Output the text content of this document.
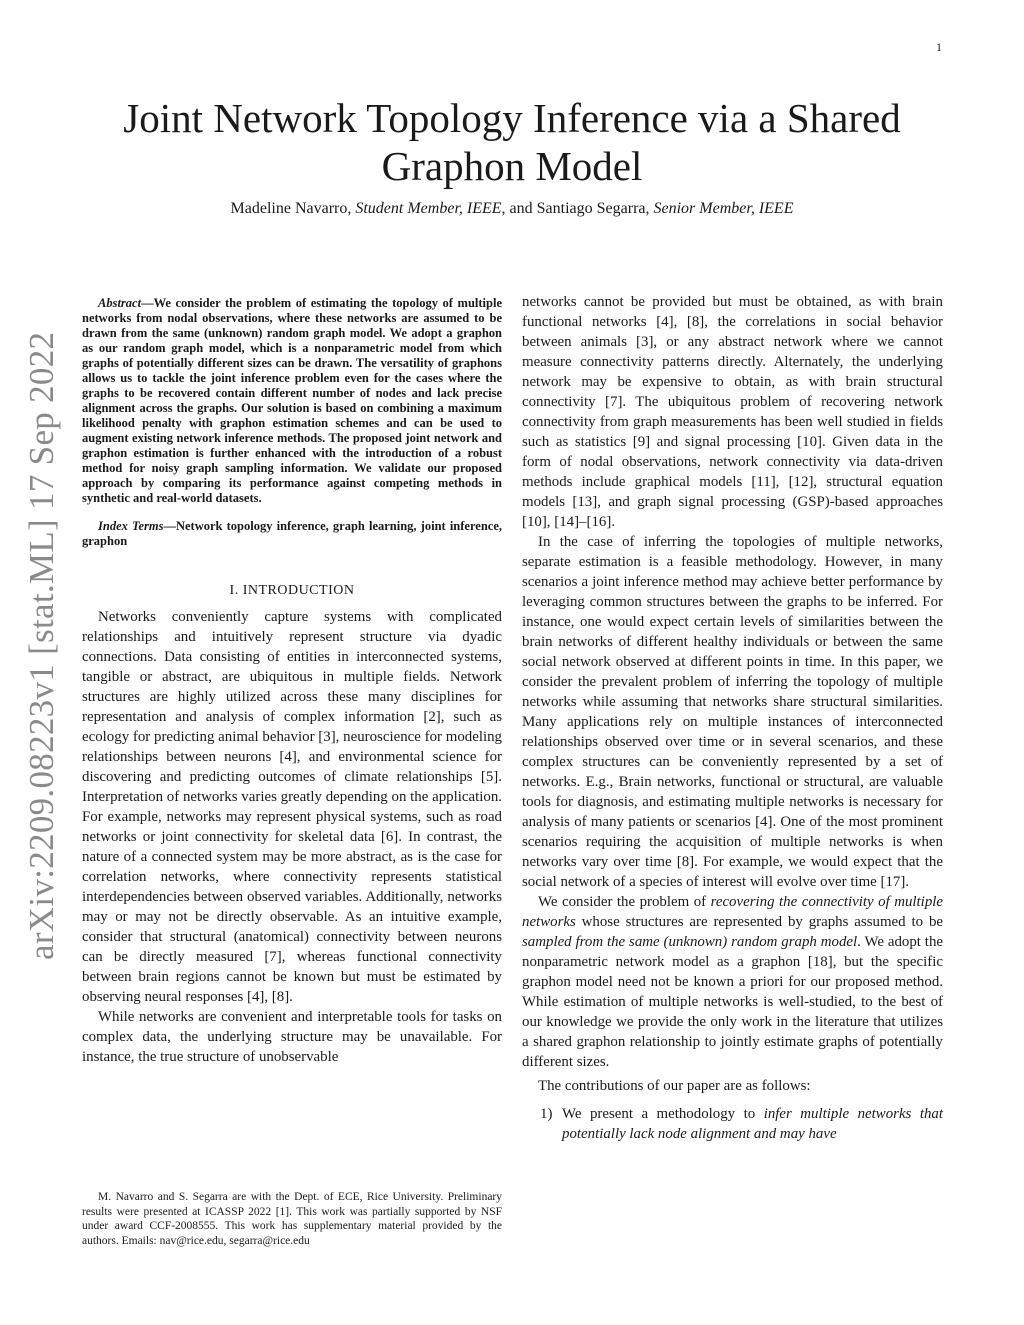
1
Joint Network Topology Inference via a Shared Graphon Model
Madeline Navarro, Student Member, IEEE, and Santiago Segarra, Senior Member, IEEE
arXiv:2209.08223v1 [stat.ML] 17 Sep 2022

Abstract—We consider the problem of estimating the topology of multiple networks from nodal observations, where these networks are assumed to be drawn from the same (unknown) random graph model. We adopt a graphon as our random graph model, which is a nonparametric model from which graphs of potentially different sizes can be drawn. The versatility of graphons allows us to tackle the joint inference problem even for the cases where the graphs to be recovered contain different number of nodes and lack precise alignment across the graphs. Our solution is based on combining a maximum likelihood penalty with graphon estimation schemes and can be used to augment existing network inference methods. The proposed joint network and graphon estimation is further enhanced with the introduction of a robust method for noisy graph sampling information. We validate our proposed approach by comparing its performance against competing methods in synthetic and real-world datasets.

Index Terms—Network topology inference, graph learning, joint inference, graphon

I. INTRODUCTION

Networks conveniently capture systems with complicated relationships and intuitively represent structure via dyadic connections. Data consisting of entities in interconnected systems, tangible or abstract, are ubiquitous in multiple fields. Network structures are highly utilized across these many disciplines for representation and analysis of complex information [2], such as ecology for predicting animal behavior [3], neuroscience for modeling relationships between neurons [4], and environmental science for discovering and predicting outcomes of climate relationships [5]. Interpretation of networks varies greatly depending on the application. For example, networks may represent physical systems, such as road networks or joint connectivity for skeletal data [6]. In contrast, the nature of a connected system may be more abstract, as is the case for correlation networks, where connectivity represents statistical interdependencies between observed variables. Additionally, networks may or may not be directly observable. As an intuitive example, consider that structural (anatomical) connectivity between neurons can be directly measured [7], whereas functional connectivity between brain regions cannot be known but must be estimated by observing neural responses [4], [8].

While networks are convenient and interpretable tools for tasks on complex data, the underlying structure may be unavailable. For instance, the true structure of unobservable

M. Navarro and S. Segarra are with the Dept. of ECE, Rice University. Preliminary results were presented at ICASSP 2022 [1]. This work was partially supported by NSF under award CCF-2008555. This work has supplementary material provided by the authors. Emails: nav@rice.edu, segarra@rice.edu

networks cannot be provided but must be obtained, as with brain functional networks [4], [8], the correlations in social behavior between animals [3], or any abstract network where we cannot measure connectivity patterns directly. Alternately, the underlying network may be expensive to obtain, as with brain structural connectivity [7]. The ubiquitous problem of recovering network connectivity from graph measurements has been well studied in fields such as statistics [9] and signal processing [10]. Given data in the form of nodal observations, network connectivity via data-driven methods include graphical models [11], [12], structural equation models [13], and graph signal processing (GSP)-based approaches [10], [14]–[16].

In the case of inferring the topologies of multiple networks, separate estimation is a feasible methodology. However, in many scenarios a joint inference method may achieve better performance by leveraging common structures between the graphs to be inferred. For instance, one would expect certain levels of similarities between the brain networks of different healthy individuals or between the same social network observed at different points in time. In this paper, we consider the prevalent problem of inferring the topology of multiple networks while assuming that networks share structural similarities. Many applications rely on multiple instances of interconnected relationships observed over time or in several scenarios, and these complex structures can be conveniently represented by a set of networks. E.g., Brain networks, functional or structural, are valuable tools for diagnosis, and estimating multiple networks is necessary for analysis of many patients or scenarios [4]. One of the most prominent scenarios requiring the acquisition of multiple networks is when networks vary over time [8]. For example, we would expect that the social network of a species of interest will evolve over time [17].

We consider the problem of recovering the connectivity of multiple networks whose structures are represented by graphs assumed to be sampled from the same (unknown) random graph model. We adopt the nonparametric network model as a graphon [18], but the specific graphon model need not be known a priori for our proposed method. While estimation of multiple networks is well-studied, to the best of our knowledge we provide the only work in the literature that utilizes a shared graphon relationship to jointly estimate graphs of potentially different sizes.

The contributions of our paper are as follows:

1) We present a methodology to infer multiple networks that potentially lack node alignment and may have
